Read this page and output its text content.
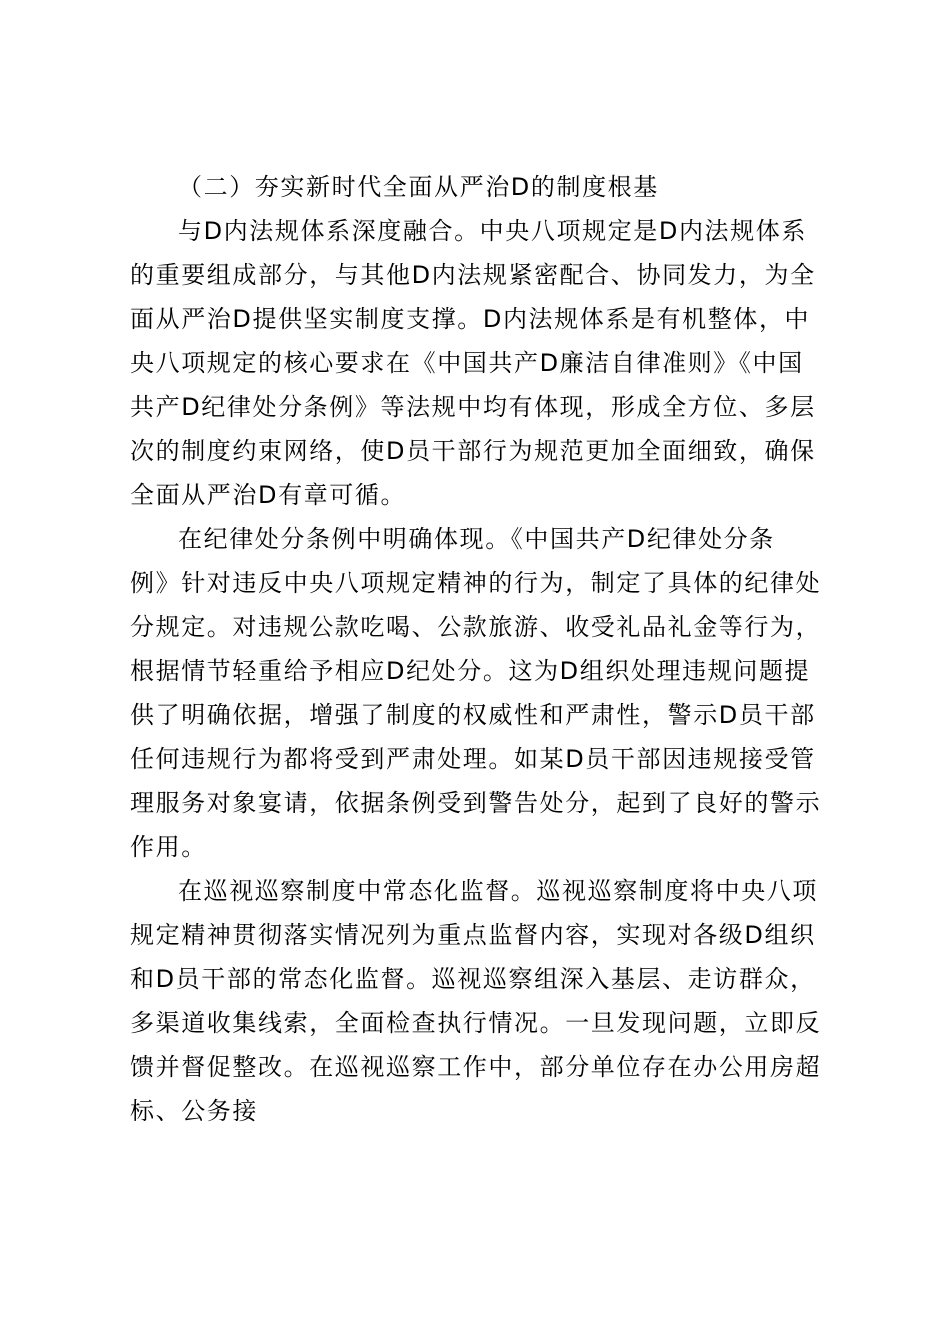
（二）夯实新时代全面从严治D的制度根基
与D内法规体系深度融合。中央八项规定是D内法规体系
的重要组成部分，与其他D内法规紧密配合、协同发力，为全
面从严治D提供坚实制度支撑。D内法规体系是有机整体，中
央八项规定的核心要求在《中国共产D廉洁自律准则》《中国
共产D纪律处分条例》等法规中均有体现，形成全方位、多层
次的制度约束网络，使D员干部行为规范更加全面细致，确保
全面从严治D有章可循。
在纪律处分条例中明确体现。《中国共产D纪律处分条
例》针对违反中央八项规定精神的行为，制定了具体的纪律处
分规定。对违规公款吃喝、公款旅游、收受礼品礼金等行为，
根据情节轻重给予相应D纪处分。这为D组织处理违规问题提
供了明确依据，增强了制度的权威性和严肃性，警示D员干部
任何违规行为都将受到严肃处理。如某D员干部因违规接受管
理服务对象宴请，依据条例受到警告处分，起到了良好的警示
作用。
在巡视巡察制度中常态化监督。巡视巡察制度将中央八项
规定精神贯彻落实情况列为重点监督内容，实现对各级D组织
和D员干部的常态化监督。巡视巡察组深入基层、走访群众，
多渠道收集线索，全面检查执行情况。一旦发现问题，立即反
馈并督促整改。在巡视巡察工作中，部分单位存在办公用房超
标、公务接
